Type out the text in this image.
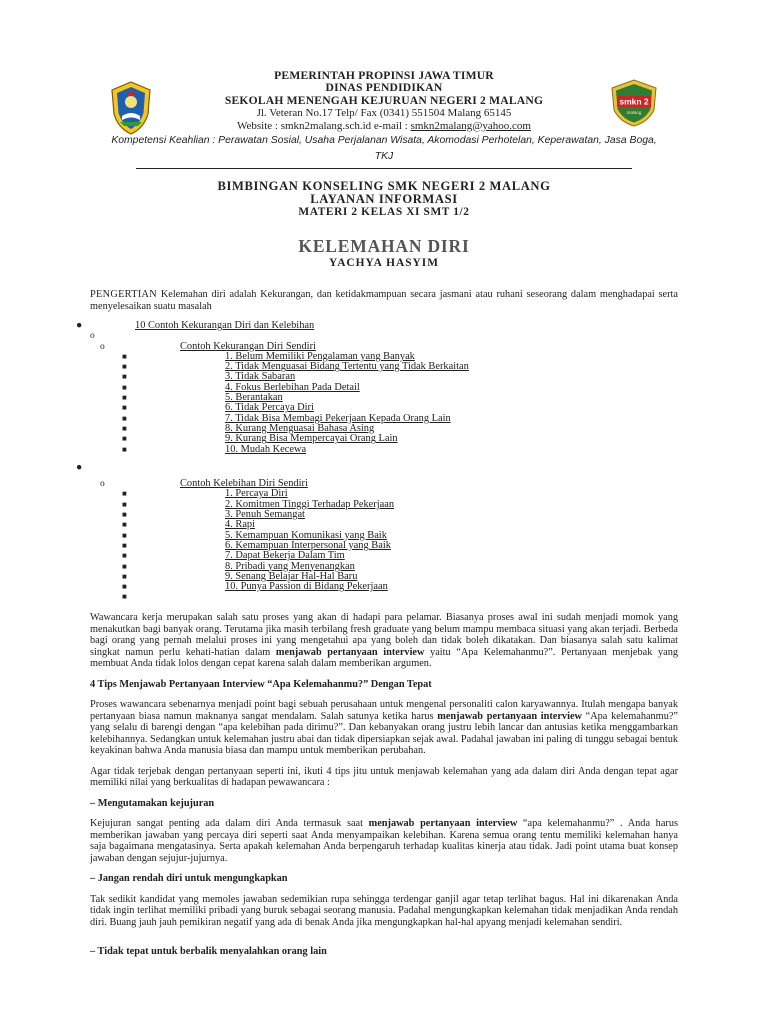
PEMERINTAH PROPINSI JAWA TIMUR
DINAS PENDIDIKAN
SEKOLAH MENENGAH KEJURUAN NEGERI 2 MALANG
Jl. Veteran No.17 Telp/ Fax (0341) 551504 Malang 65145
Website : smkn2malang.sch.id e-mail : smkn2malang@yahoo.com
Kompetensi Keahlian : Perawatan Sosial, Usaha Perjalanan Wisata, Akomodasi Perhotelan, Keperawatan, Jasa Boga, TKJ
smkn 2
malang
BIMBINGAN KONSELING SMK NEGERI 2 MALANG
LAYANAN INFORMASI
MATERI 2 KELAS XI SMT 1/2
KELEMAHAN DIRI
YACHYA HASYIM

PENGERTIAN Kelemahan diri adalah Kekurangan, dan ketidakmampuan secara jasmani atau ruhani seseorang dalam menghadapai serta menyelesaikan suatu masalah

●	10 Contoh Kekurangan Diri dan Kelebihan
o
o	Contoh Kekurangan Diri Sendiri
■	1. Belum Memiliki Pengalaman yang Banyak
■	2. Tidak Menguasai Bidang Tertentu yang Tidak Berkaitan
■	3. Tidak Sabaran
■	4. Fokus Berlebihan Pada Detail
■	5. Berantakan
■	6. Tidak Percaya Diri
■	7. Tidak Bisa Membagi Pekerjaan Kepada Orang Lain
■	8. Kurang Menguasai Bahasa Asing
■	9. Kurang Bisa Mempercayai Orang Lain
■	10. Mudah Kecewa
●
o	Contoh Kelebihan Diri Sendiri
■	1. Percaya Diri
■	2. Komitmen Tinggi Terhadap Pekerjaan
■	3. Penuh Semangat
■	4. Rapi
■	5. Kemampuan Komunikasi yang Baik
■	6. Kemampuan Interpersonal yang Baik
■	7. Dapat Bekerja Dalam Tim
■	8. Pribadi yang Menyenangkan
■	9. Senang Belajar Hal-Hal Baru
■	10. Punya Passion di Bidang Pekerjaan
■

Wawancara kerja merupakan salah satu proses yang akan di hadapi para pelamar. Biasanya proses awal ini sudah menjadi momok yang menakutkan bagi banyak orang. Terutama jika masih terbilang fresh graduate yang belum mampu membaca situasi yang akan terjadi. Berbeda bagi orang yang pernah melalui proses ini yang mengetahui apa yang boleh dan tidak boleh dikatakan. Dan biasanya salah satu kalimat singkat namun perlu kehati-hatian dalam menjawab pertanyaan interview yaitu “Apa Kelemahanmu?”. Pertanyaan menjebak yang membuat Anda tidak lolos dengan cepat karena salah dalam memberikan argumen.

4 Tips Menjawab Pertanyaan Interview “Apa Kelemahanmu?” Dengan Tepat

Proses wawancara sebenarnya menjadi point bagi sebuah perusahaan untuk mengenal personaliti calon karyawannya. Itulah mengapa banyak pertanyaan biasa namun maknanya sangat mendalam. Salah satunya ketika harus menjawab pertanyaan interview “Apa kelemahanmu?” yang selalu di barengi dengan “apa kelebihan pada dirimu?”. Dan kebanyakan orang justru lebih lancar dan antusias ketika menggambarkan kelebihannya. Sedangkan untuk kelemahan justru abai dan tidak dipersiapkan sejak awal. Padahal jawaban ini paling di tunggu sebagai bentuk keyakinan bahwa Anda manusia biasa dan mampu untuk memberikan perubahan.

Agar tidak terjebak dengan pertanyaan seperti ini, ikuti 4 tips jitu untuk menjawab kelemahan yang ada dalam diri Anda dengan tepat agar memiliki nilai yang berkualitas di hadapan pewawancara :

– Mengutamakan kejujuran

Kejujuran sangat penting ada dalam diri Anda termasuk saat menjawab pertanyaan interview “apa kelemahanmu?” . Anda harus memberikan jawaban yang percaya diri seperti saat Anda menyampaikan kelebihan. Karena semua orang tentu memiliki kelemahan hanya saja bagaimana mengatasinya. Serta apakah kelemahan Anda berpengaruh terhadap kualitas kinerja atau tidak. Jadi point utama buat konsep jawaban dengan sejujur-jujurnya.

– Jangan rendah diri untuk mengungkapkan

Tak sedikit kandidat yang memoles jawaban sedemikian rupa sehingga terdengar ganjil agar tetap terlihat bagus. Hal ini dikarenakan Anda tidak ingin terlihat memiliki pribadi yang buruk sebagai seorang manusia. Padahal mengungkapkan kelemahan tidak menjadikan Anda rendah diri. Buang jauh jauh pemikiran negatif yang ada di benak Anda jika mengungkapkan hal-hal apyang menjadi kelemahan sendiri.

– Tidak tepat untuk berbalik menyalahkan orang lain
